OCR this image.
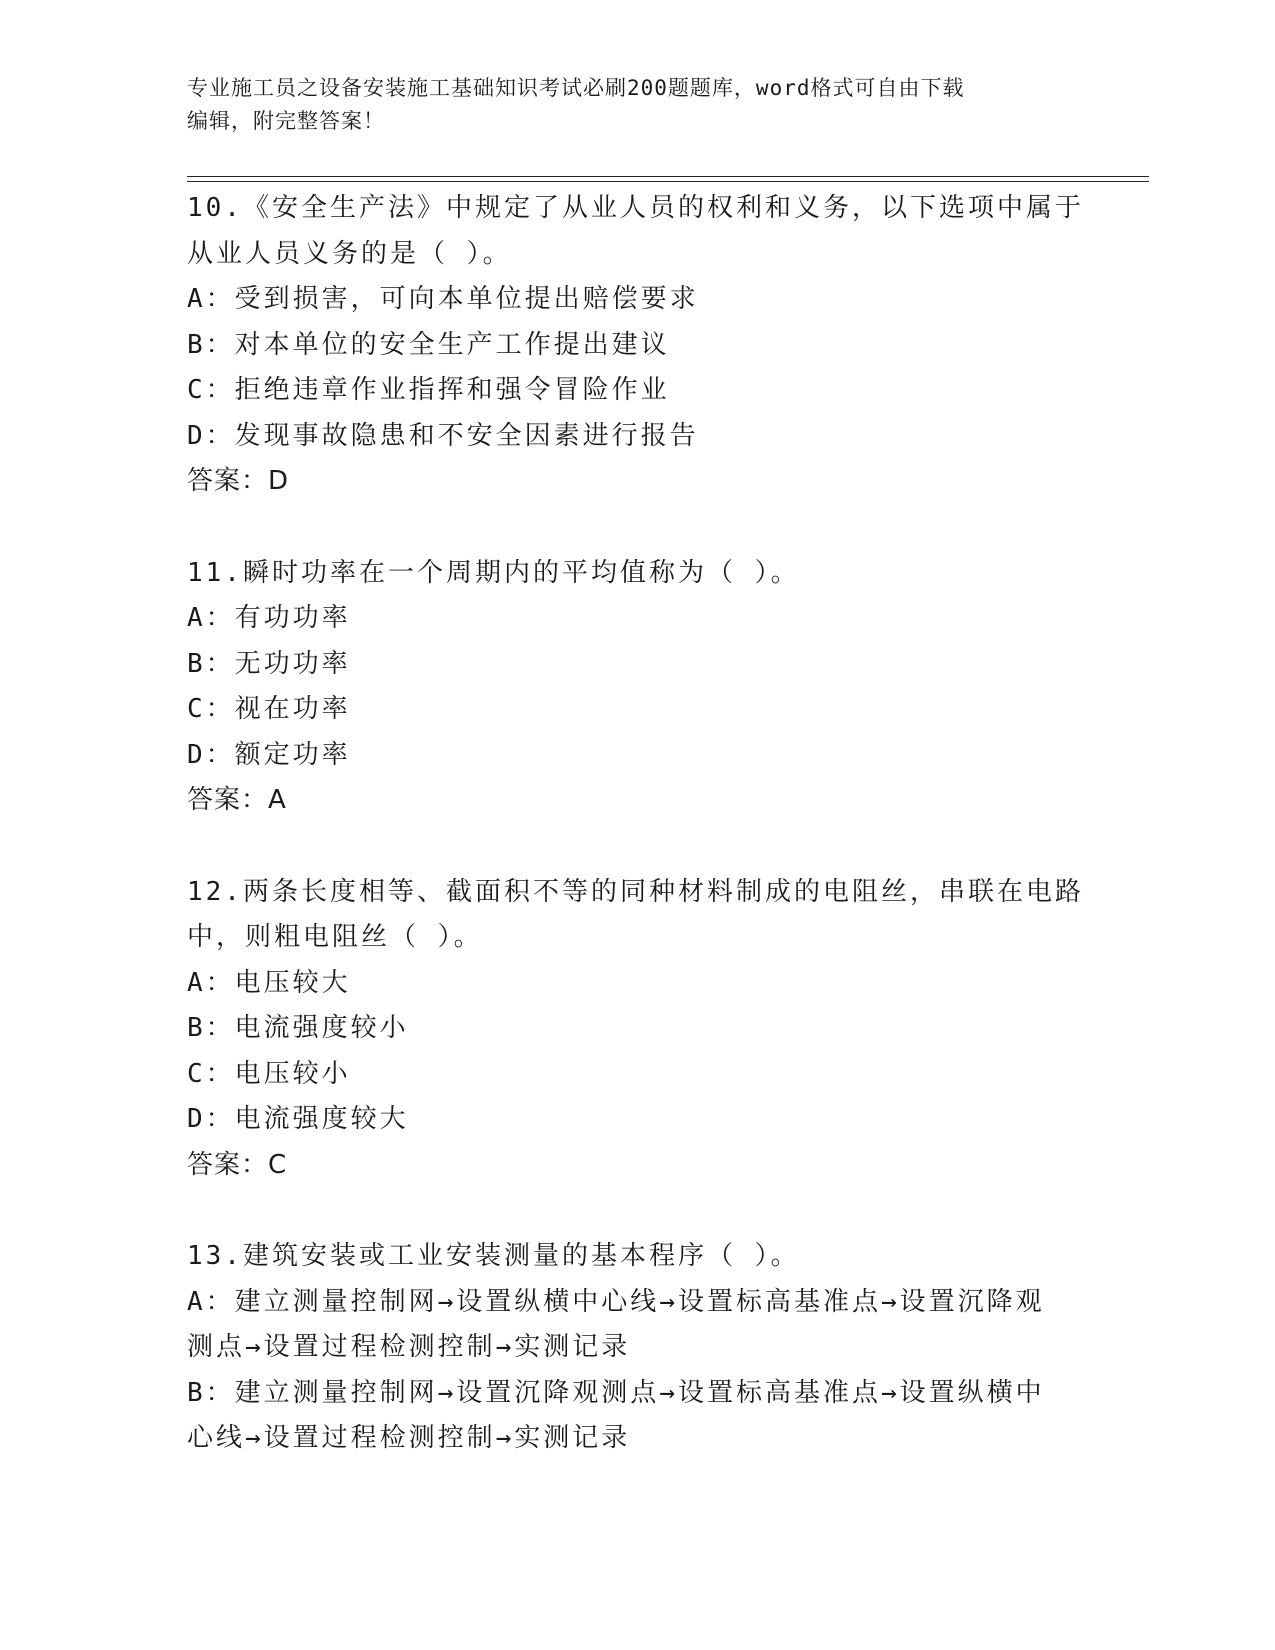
专业施工员之设备安装施工基础知识考试必刷200题题库，word格式可自由下载
编辑，附完整答案！
10.《安全生产法》中规定了从业人员的权利和义务，以下选项中属于
从业人员义务的是（ ）。
A：受到损害，可向本单位提出赔偿要求
B：对本单位的安全生产工作提出建议
C：拒绝违章作业指挥和强令冒险作业
D：发现事故隐患和不安全因素进行报告
答案：D
11.瞬时功率在一个周期内的平均值称为（ ）。
A：有功功率
B：无功功率
C：视在功率
D：额定功率
答案：A
12.两条长度相等、截面积不等的同种材料制成的电阻丝，串联在电路
中，则粗电阻丝（ ）。
A：电压较大
B：电流强度较小
C：电压较小
D：电流强度较大
答案：C
13.建筑安装或工业安装测量的基本程序（ ）。
A：建立测量控制网→设置纵横中心线→设置标高基准点→设置沉降观
测点→设置过程检测控制→实测记录
B：建立测量控制网→设置沉降观测点→设置标高基准点→设置纵横中
心线→设置过程检测控制→实测记录
